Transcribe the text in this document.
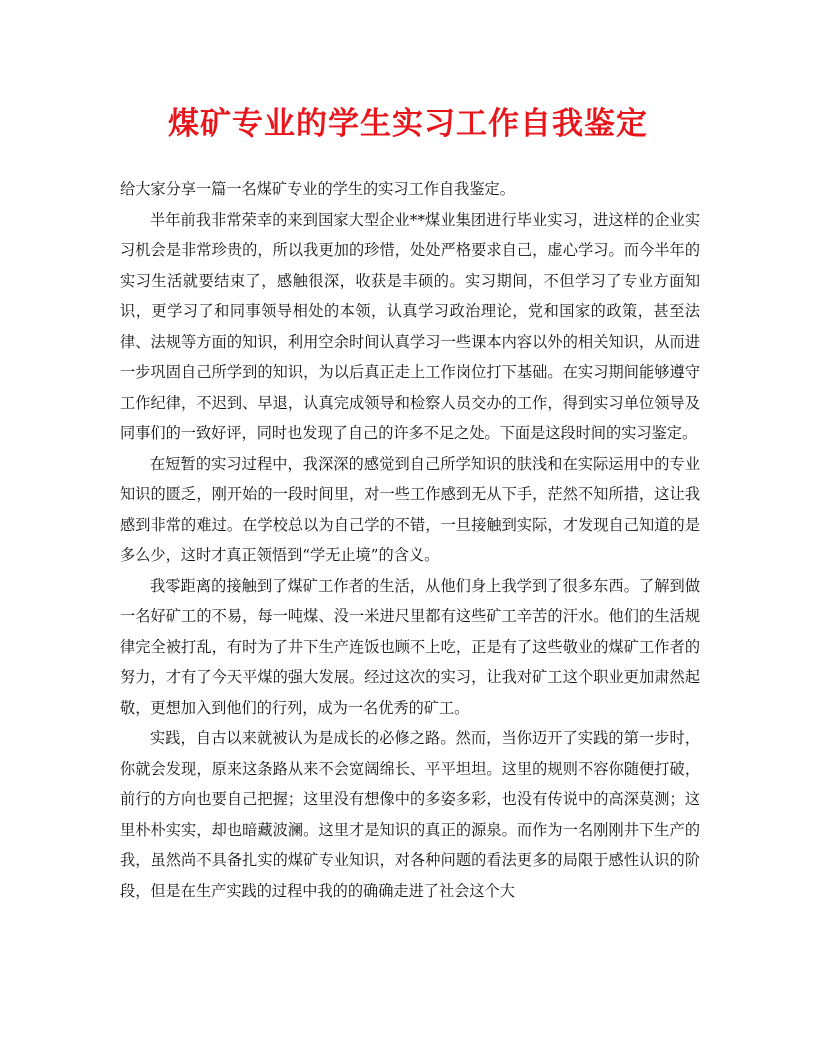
煤矿专业的学生实习工作自我鉴定

给大家分享一篇一名煤矿专业的学生的实习工作自我鉴定。

半年前我非常荣幸的来到国家大型企业**煤业集团进行毕业实习，进这样的企业实习机会是非常珍贵的，所以我更加的珍惜，处处严格要求自己，虚心学习。而今半年的实习生活就要结束了，感触很深，收获是丰硕的。实习期间，不但学习了专业方面知识，更学习了和同事领导相处的本领，认真学习政治理论，党和国家的政策，甚至法律、法规等方面的知识，利用空余时间认真学习一些课本内容以外的相关知识，从而进一步巩固自己所学到的知识，为以后真正走上工作岗位打下基础。在实习期间能够遵守工作纪律，不迟到、早退，认真完成领导和检察人员交办的工作，得到实习单位领导及同事们的一致好评，同时也发现了自己的许多不足之处。下面是这段时间的实习鉴定。

在短暂的实习过程中，我深深的感觉到自己所学知识的肤浅和在实际运用中的专业知识的匮乏，刚开始的一段时间里，对一些工作感到无从下手，茫然不知所措，这让我感到非常的难过。在学校总以为自己学的不错，一旦接触到实际，才发现自己知道的是多么少，这时才真正领悟到“学无止境”的含义。

我零距离的接触到了煤矿工作者的生活，从他们身上我学到了很多东西。了解到做一名好矿工的不易，每一吨煤、没一米进尺里都有这些矿工辛苦的汗水。他们的生活规律完全被打乱，有时为了井下生产连饭也顾不上吃，正是有了这些敬业的煤矿工作者的努力，才有了今天平煤的强大发展。经过这次的实习，让我对矿工这个职业更加肃然起敬，更想加入到他们的行列，成为一名优秀的矿工。

实践，自古以来就被认为是成长的必修之路。然而，当你迈开了实践的第一步时，你就会发现，原来这条路从来不会宽阔绵长、平平坦坦。这里的规则不容你随便打破，前行的方向也要自己把握；这里没有想像中的多姿多彩，也没有传说中的高深莫测；这里朴朴实实，却也暗藏波澜。这里才是知识的真正的源泉。而作为一名刚刚井下生产的我，虽然尚不具备扎实的煤矿专业知识，对各种问题的看法更多的局限于感性认识的阶段，但是在生产实践的过程中我的的确确走进了社会这个大
